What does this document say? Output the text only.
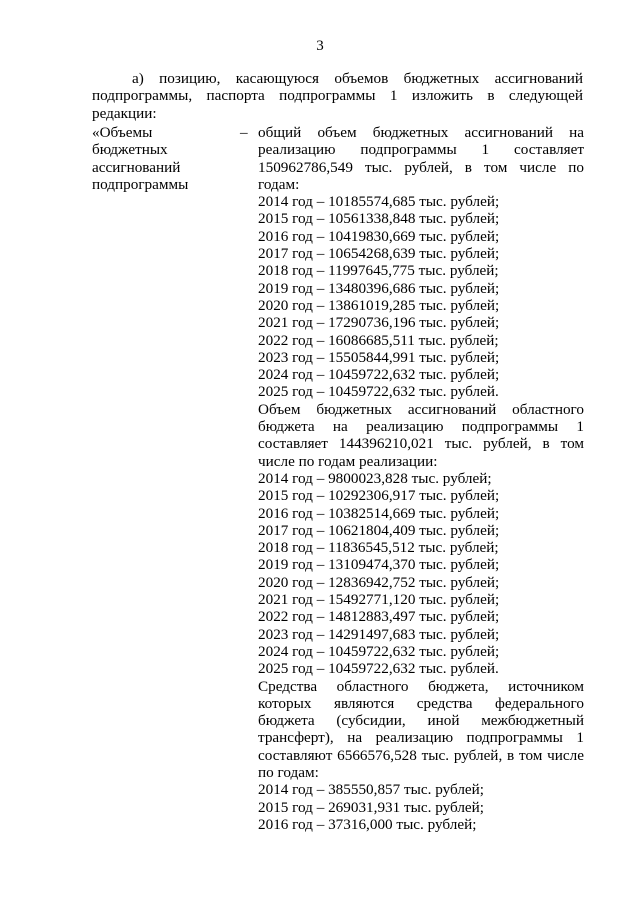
3
а) позицию, касающуюся объемов бюджетных ассигнований
подпрограммы, паспорта подпрограммы 1 изложить в следующей
редакции:
«Объемы
бюджетных
ассигнований
подпрограммы
– общий объем бюджетных ассигнований на
реализацию подпрограммы 1 составляет
150962786,549 тыс. рублей, в том числе по
годам:
2014 год – 10185574,685 тыс. рублей;
2015 год – 10561338,848 тыс. рублей;
2016 год – 10419830,669 тыс. рублей;
2017 год – 10654268,639 тыс. рублей;
2018 год – 11997645,775 тыс. рублей;
2019 год – 13480396,686 тыс. рублей;
2020 год – 13861019,285 тыс. рублей;
2021 год – 17290736,196 тыс. рублей;
2022 год – 16086685,511 тыс. рублей;
2023 год – 15505844,991 тыс. рублей;
2024 год – 10459722,632 тыс. рублей;
2025 год – 10459722,632 тыс. рублей.
Объем бюджетных ассигнований областного
бюджета на реализацию подпрограммы 1
составляет 144396210,021 тыс. рублей, в том
числе по годам реализации:
2014 год – 9800023,828 тыс. рублей;
2015 год – 10292306,917 тыс. рублей;
2016 год – 10382514,669 тыс. рублей;
2017 год – 10621804,409 тыс. рублей;
2018 год – 11836545,512 тыс. рублей;
2019 год – 13109474,370 тыс. рублей;
2020 год – 12836942,752 тыс. рублей;
2021 год – 15492771,120 тыс. рублей;
2022 год – 14812883,497 тыс. рублей;
2023 год – 14291497,683 тыс. рублей;
2024 год – 10459722,632 тыс. рублей;
2025 год – 10459722,632 тыс. рублей.
Средства областного бюджета, источником
которых являются средства федерального
бюджета (субсидии, иной межбюджетный
трансферт), на реализацию подпрограммы 1
составляют 6566576,528 тыс. рублей, в том числе
по годам:
2014 год – 385550,857 тыс. рублей;
2015 год – 269031,931 тыс. рублей;
2016 год – 37316,000 тыс. рублей;
